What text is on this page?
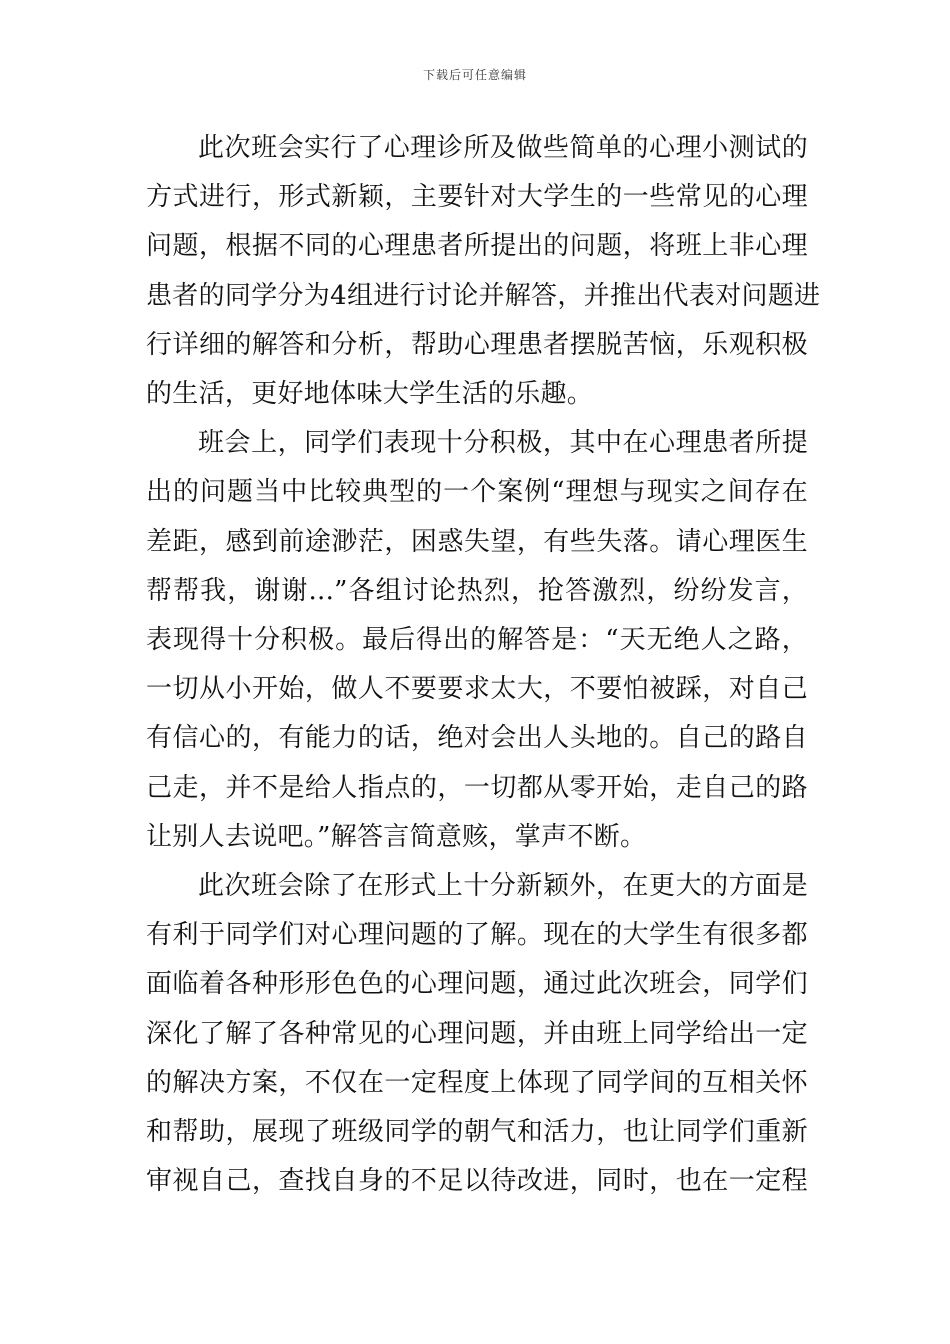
下载后可任意编辑

此次班会实行了心理诊所及做些简单的心理小测试的
方式进行，形式新颖，主要针对大学生的一些常见的心理
问题，根据不同的心理患者所提出的问题，将班上非心理
患者的同学分为4组进行讨论并解答，并推出代表对问题进
行详细的解答和分析，帮助心理患者摆脱苦恼，乐观积极
的生活，更好地体味大学生活的乐趣。

班会上，同学们表现十分积极，其中在心理患者所提
出的问题当中比较典型的一个案例“理想与现实之间存在
差距，感到前途渺茫，困惑失望，有些失落。请心理医生
帮帮我，谢谢...”各组讨论热烈，抢答激烈，纷纷发言，
表现得十分积极。最后得出的解答是：“天无绝人之路，
一切从小开始，做人不要要求太大，不要怕被踩，对自己
有信心的，有能力的话，绝对会出人头地的。自己的路自
己走，并不是给人指点的，一切都从零开始，走自己的路
让别人去说吧。”解答言简意赅，掌声不断。

此次班会除了在形式上十分新颖外，在更大的方面是
有利于同学们对心理问题的了解。现在的大学生有很多都
面临着各种形形色色的心理问题，通过此次班会，同学们
深化了解了各种常见的心理问题，并由班上同学给出一定
的解决方案，不仅在一定程度上体现了同学间的互相关怀
和帮助，展现了班级同学的朝气和活力，也让同学们重新
审视自己，查找自身的不足以待改进，同时，也在一定程
